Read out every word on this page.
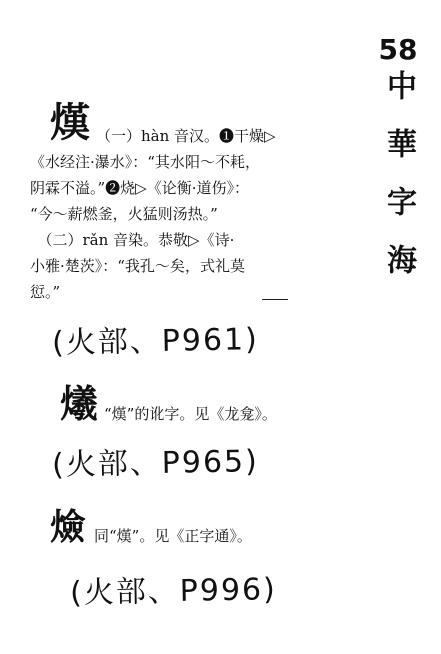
58
中華字海
熯 （一）hàn 音汉。❶干燥▷
《水经注·瀑水》：“其水阳～不耗，
阴霖不溢。”❷烧▷《论衡·道伤》：
“今～薪燃釜，火猛则汤热。”
　（二）rǎn 音染。恭敬▷《诗·
小雅·楚茨》：“我孔～矣，式礼莫
愆。”
(火部、P961)
爔 “熯”的讹字。见《龙龛》。
(火部、P965)
㷿 同“熯”。见《正字通》。
(火部、P996)
